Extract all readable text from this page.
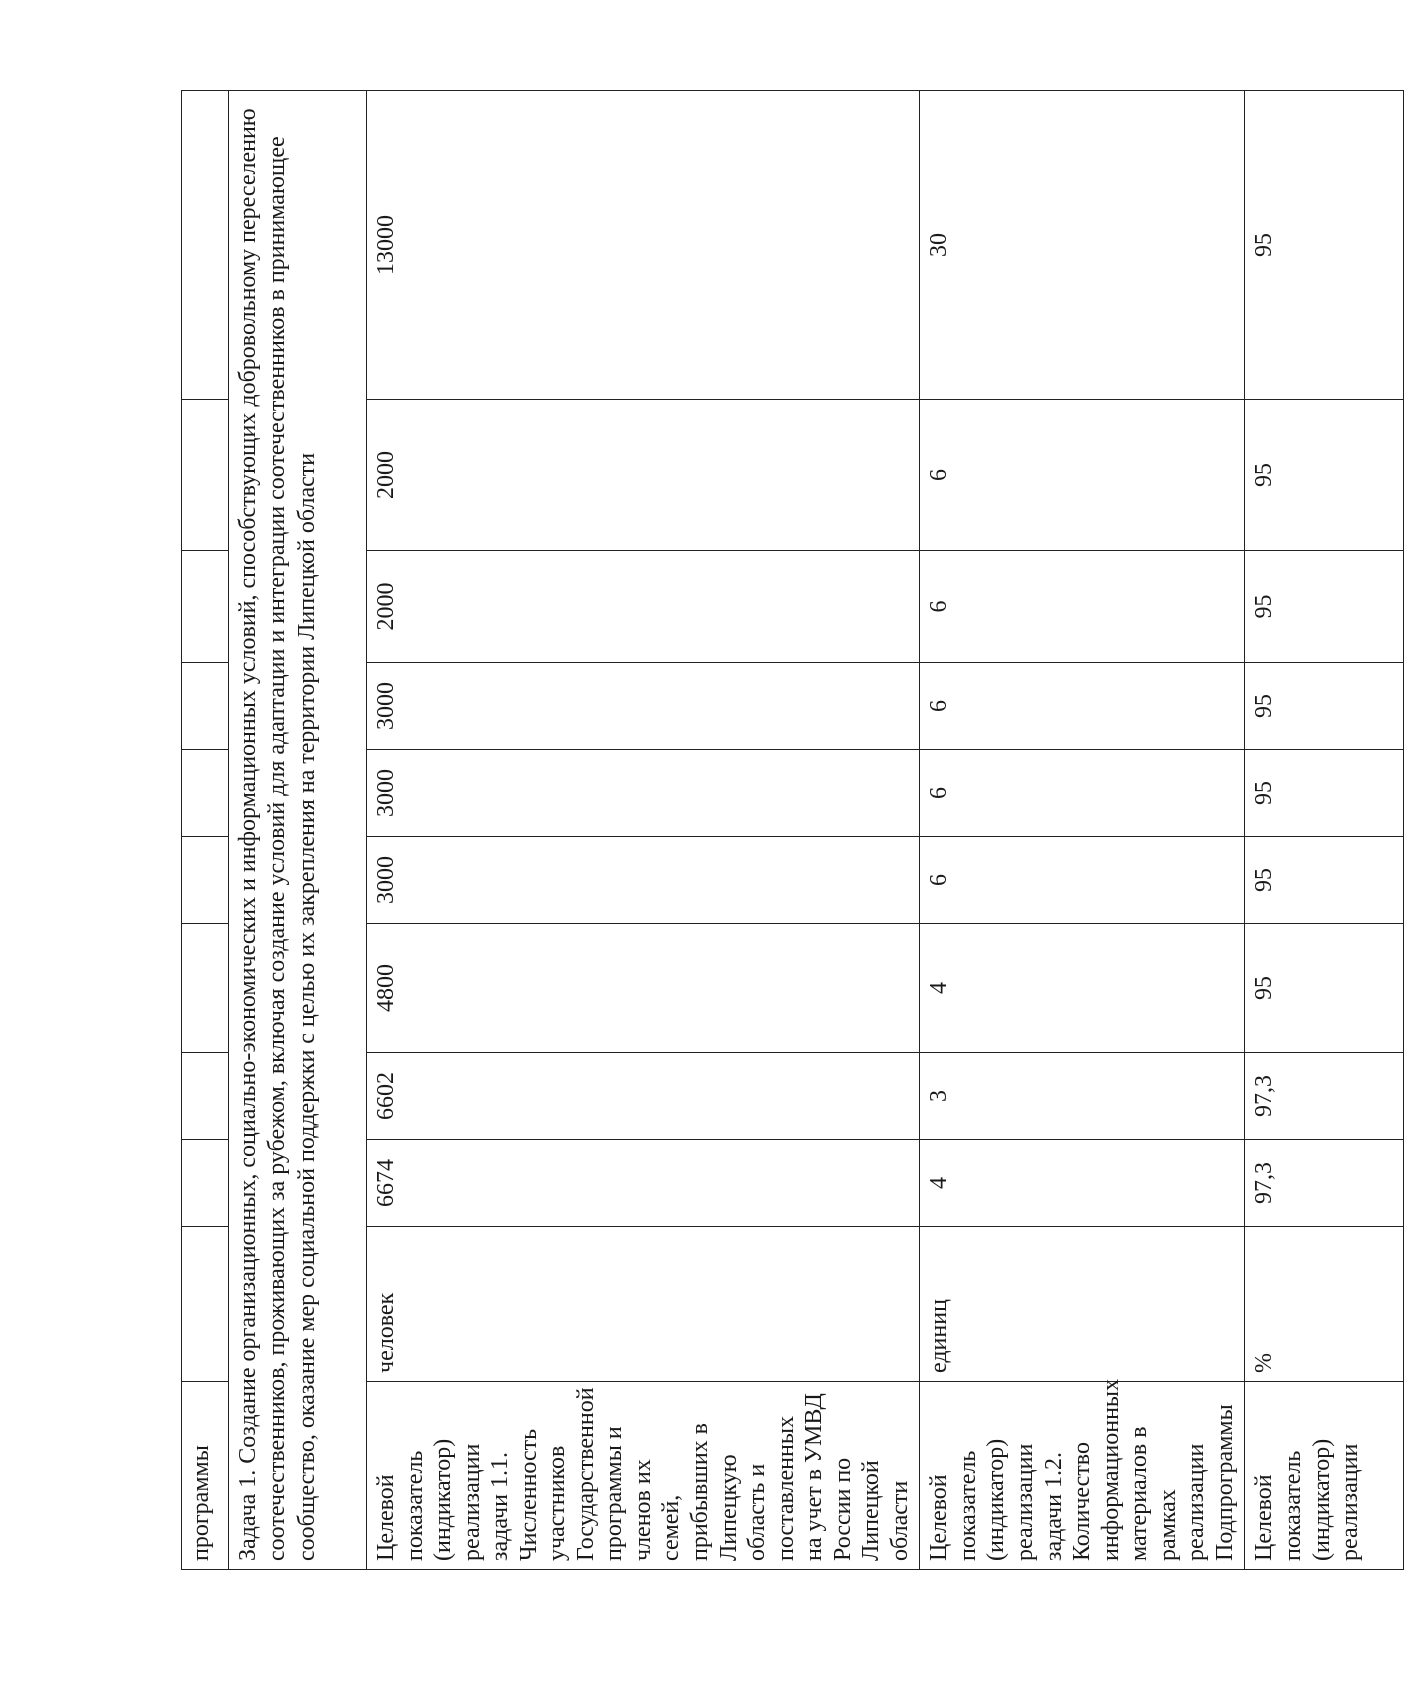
программы										
Задача 1. Создание организационных, социально-экономических и информационных условий, способствующих добровольному переселению соотечественников, проживающих за рубежом, включая создание условий для адаптации и интеграции соотечественников в принимающее сообщество, оказание мер социальной поддержки с целью их закрепления на территории Липецкой области										
Целевой показатель (индикатор) реализации задачи 1.1. Численность участников Государственной программы и членов их семей, прибывших в Липецкую область и поставленных на учет в УМВД России по Липецкой области	человек	6674	6602	4800	3000	3000	3000	2000	2000	13000
Целевой показатель (индикатор) реализации задачи 1.2. Количество информационных материалов в рамках реализации Подпрограммы	единиц	4	3	4	6	6	6	6	6	30
Целевой показатель (индикатор) реализации	%	97,3	97,3	95	95	95	95	95	95	95
